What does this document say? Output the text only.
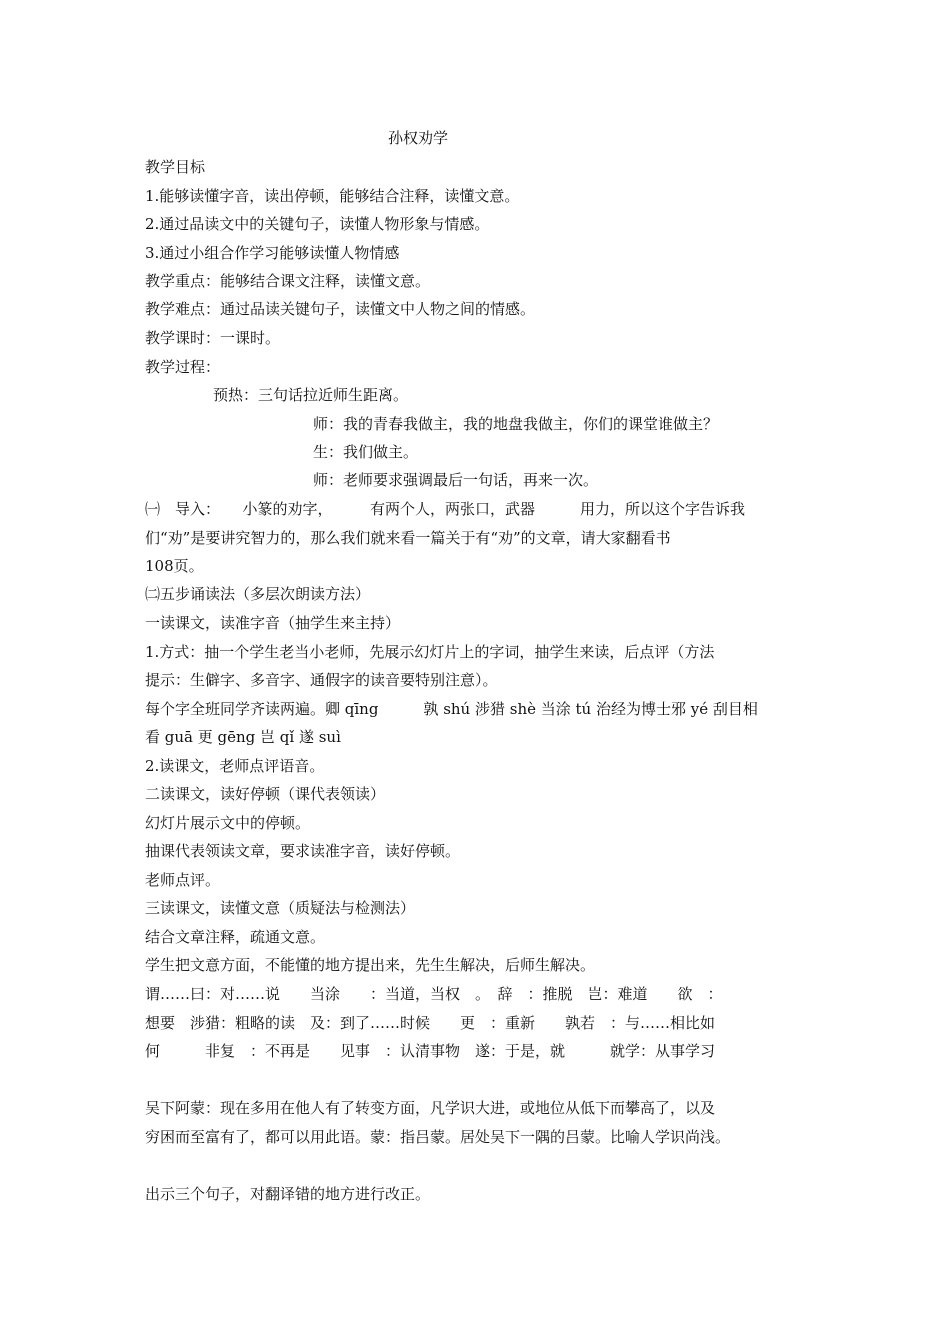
孙权劝学
教学目标
1.能够读懂字音，读出停顿，能够结合注释，读懂文意。
2.通过品读文中的关键句子，读懂人物形象与情感。
3.通过小组合作学习能够读懂人物情感
教学重点：能够结合课文注释，读懂文意。
教学难点：通过品读关键句子，读懂文中人物之间的情感。
教学课时：一课时。
教学过程：
预热：三句话拉近师生距离。
师：我的青春我做主，我的地盘我做主，你们的课堂谁做主？
生：我们做主。
师：老师要求强调最后一句话，再来一次。
㈠　导入：　　小篆的劝字，　　　有两个人，两张口，武器　　　用力，所以这个字告诉我
们“劝”是要讲究智力的，那么我们就来看一篇关于有“劝”的文章，请大家翻看书
108页。
㈡五步诵读法（多层次朗读方法）
一读课文，读准字音（抽学生来主持）
1.方式：抽一个学生老当小老师，先展示幻灯片上的字词，抽学生来读，后点评（方法
提示：生僻字、多音字、通假字的读音要特别注意）。
每个字全班同学齐读两遍。卿 qīng　　　孰 shú 涉猎 shè 当涂 tú 治经为博士邪 yé 刮目相
看 guā 更 gēng 岂 qǐ 遂 suì
2.读课文，老师点评语音。
二读课文，读好停顿（课代表领读）
幻灯片展示文中的停顿。
抽课代表领读文章，要求读准字音，读好停顿。
老师点评。
三读课文，读懂文意（质疑法与检测法）
结合文章注释，疏通文意。
学生把文意方面，不能懂的地方提出来，先生生解决，后师生解决。
谓……曰：对……说　　当涂　　：当道，当权　。　辞　：推脱　岂：难道　　欲　：
想要　涉猎：粗略的读　及：到了……时候　　更　：重新　　孰若　：与……相比如
何　　　非复　：不再是　　见事　：认清事物　遂：于是，就　　　就学：从事学习
吴下阿蒙：现在多用在他人有了转变方面，凡学识大进，或地位从低下而攀高了，以及
穷困而至富有了，都可以用此语。蒙：指吕蒙。居处吴下一隅的吕蒙。比喻人学识尚浅。
出示三个句子，对翻译错的地方进行改正。
